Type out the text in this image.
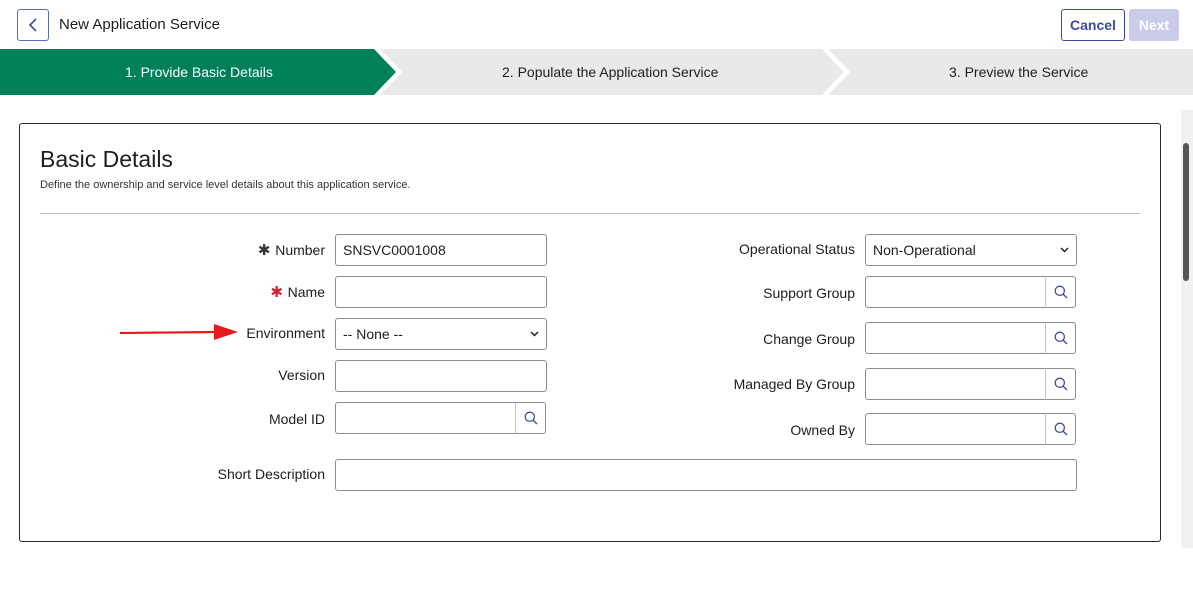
New Application Service	Cancel	Next
1. Provide Basic Details	2. Populate the Application Service	3. Preview the Service
Basic Details
Define the ownership and service level details about this application service.
✱ Number	SNSVC0001008
✱ Name
Environment -- None --
Version
Model ID
Operational Status Non-Operational
Support Group
Change Group
Managed By Group
Owned By
Short Description
